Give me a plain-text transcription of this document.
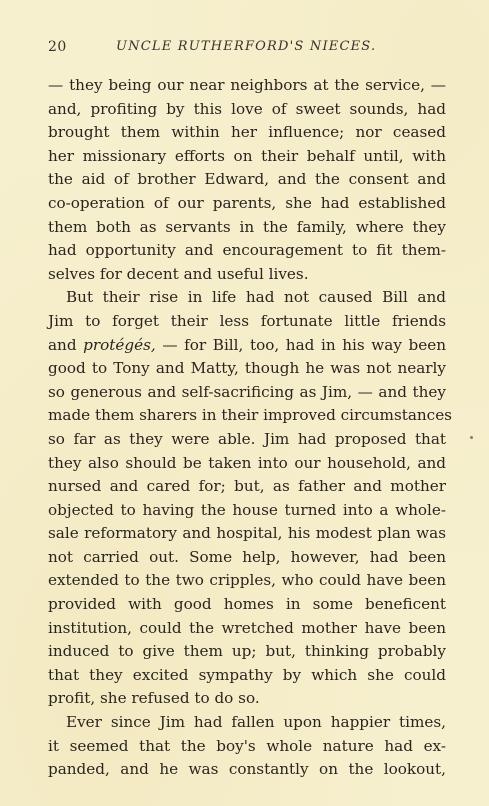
20	UNCLE RUTHERFORD'S NIECES.
— they being our near neighbors at the service, —
and, profiting by this love of sweet sounds, had
brought them within her influence; nor ceased
her missionary efforts on their behalf until, with
the aid of brother Edward, and the consent and
co-operation of our parents, she had established
them both as servants in the family, where they
had opportunity and encouragement to fit them-
selves for decent and useful lives.
But their rise in life had not caused Bill and
Jim to forget their less fortunate little friends
and protégés, — for Bill, too, had in his way been
good to Tony and Matty, though he was not nearly
so generous and self-sacrificing as Jim, — and they
made them sharers in their improved circumstances
so far as they were able. Jim had proposed that
they also should be taken into our household, and
nursed and cared for; but, as father and mother
objected to having the house turned into a whole-
sale reformatory and hospital, his modest plan was
not carried out. Some help, however, had been
extended to the two cripples, who could have been
provided with good homes in some beneficent
institution, could the wretched mother have been
induced to give them up; but, thinking probably
that they excited sympathy by which she could
profit, she refused to do so.
Ever since Jim had fallen upon happier times,
it seemed that the boy's whole nature had ex-
panded, and he was constantly on the lookout,
